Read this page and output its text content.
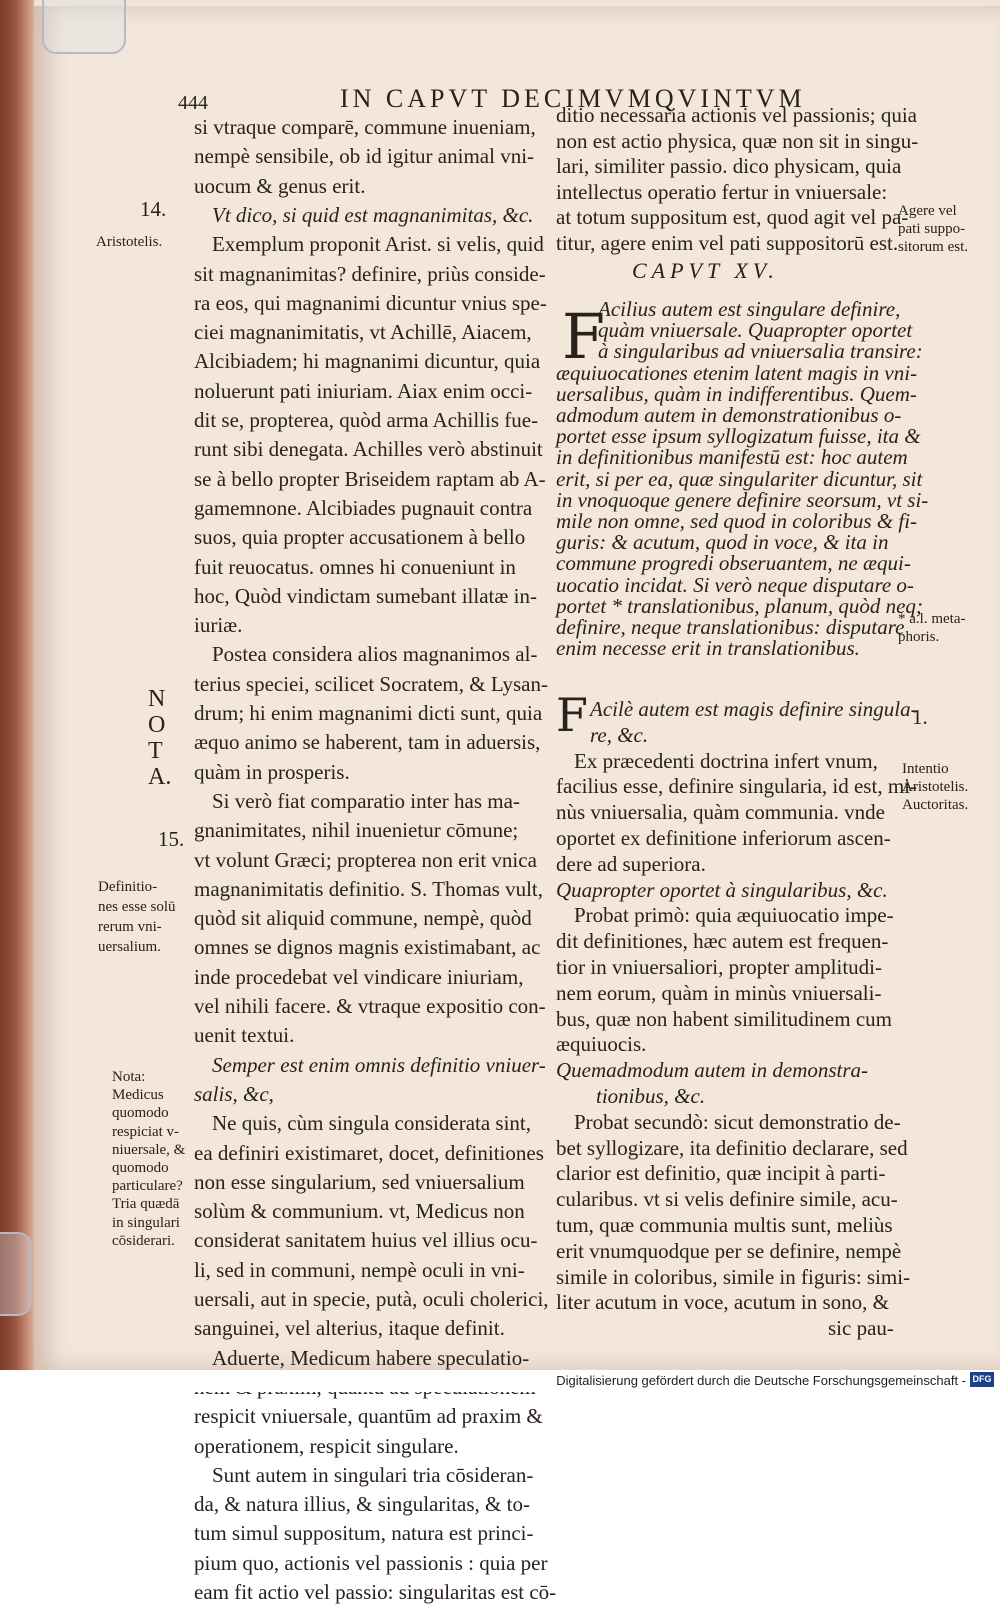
444	IN CAPVT DECIMVMQVINTVM
si vtraque comparē, commune inueniam,
nempè sensibile, ob id igitur animal vni-
uocum & genus erit.
Vt dico, si quid est magnanimitas, &c.
Exemplum proponit Arist. si velis, quid
sit magnanimitas? definire, priùs conside-
ra eos, qui magnanimi dicuntur vnius spe-
ciei magnanimitatis, vt Achillē, Aiacem,
Alcibiadem; hi magnanimi dicuntur, quia
noluerunt pati iniuriam. Aiax enim occi-
dit se, propterea, quòd arma Achillis fue-
runt sibi denegata. Achilles verò abstinuit
se à bello propter Briseidem raptam ab A-
gamemnone. Alcibiades pugnauit contra
suos, quia propter accusationem à bello
fuit reuocatus. omnes hi conueniunt in
hoc, Quòd vindictam sumebant illatæ in-
iuriæ.
Postea considera alios magnanimos al-
terius speciei, scilicet Socratem, & Lysan-
drum; hi enim magnanimi dicti sunt, quia
æquo animo se haberent, tam in aduersis,
quàm in prosperis.
Si verò fiat comparatio inter has ma-
gnanimitates, nihil inuenietur cōmune;
vt volunt Græci; propterea non erit vnica
magnanimitatis definitio. S. Thomas vult,
quòd sit aliquid commune, nempè, quòd
omnes se dignos magnis existimabant, ac
inde procedebat vel vindicare iniuriam,
vel nihili facere. & vtraque expositio con-
uenit textui.
Semper est enim omnis definitio vniuer-
salis, &c,
Ne quis, cùm singula considerata sint,
ea definiri existimaret, docet, definitiones
non esse singularium, sed vniuersalium
solùm & communium. vt, Medicus non
considerat sanitatem huius vel illius ocu-
li, sed in communi, nempè oculi in vni-
uersali, aut in specie, putà, oculi cholerici,
sanguinei, vel alterius, itaque definit.
Aduerte, Medicum habere speculatio-
respicit vniuersale, quantūm ad praxim &
operationem, respicit singulare.
Sunt autem in singulari tria cōsideran-
da, & natura illius, & singularitas, & to-
tum simul suppositum, natura est princi-
pium quo, actionis vel passionis : quia per
eam fit actio vel passio: singularitas est cō-
14.
Aristotelis.
N
O
T
A.
15.
Definitio-
nes esse solū
rerum vni-
uersalium.
Nota:
Medicus
quomodo
respiciat v-
niuersale, &
quomodo
particulare?
Tria quædā
in singulari
cōsiderari.
ditio necessaria actionis vel passionis; quia
non est actio physica, quæ non sit in singu-
lari, similiter passio. dico physicam, quia
intellectus operatio fertur in vniuersale:
at totum suppositum est, quod agit vel pa-
titur, agere enim vel pati suppositorū est.
CAPVT XV.
F
Acilius autem est singulare definire,
quàm vniuersale. Quapropter oportet
à singularibus ad vniuersalia transire:
æquiuocationes etenim latent magis in vni-
uersalibus, quàm in indifferentibus. Quem-
admodum autem in demonstrationibus o-
portet esse ipsum syllogizatum fuisse, ita &
in definitionibus manifestū est: hoc autem
erit, si per ea, quæ singulariter dicuntur, sit
in vnoquoque genere definire seorsum, vt si-
mile non omne, sed quod in coloribus & fi-
guris: & acutum, quod in voce, & ita in
commune progredi obseruantem, ne æqui-
uocatio incidat. Si verò neque disputare o-
portet * translationibus, planum, quòd neq;
definire, neque translationibus: disputare
enim necesse erit in translationibus.
F Acilè autem est magis definire singula-
re, &c.
Ex præcedenti doctrina infert vnum,
facilius esse, definire singularia, id est, mi-
nùs vniuersalia, quàm communia. vnde
oportet ex definitione inferiorum ascen-
dere ad superiora.
Quapropter oportet à singularibus, &c.
Probat primò: quia æquiuocatio impe-
dit definitiones, hæc autem est frequen-
tior in vniuersaliori, propter amplitudi-
nem eorum, quàm in minùs vniuersali-
bus, quæ non habent similitudinem cum
æquiuocis.
Quemadmodum autem in demonstra-
tionibus, &c.
Probat secundò: sicut demonstratio de-
bet syllogizare, ita definitio declarare, sed
clarior est definitio, quæ incipit à parti-
cularibus. vt si velis definire simile, acu-
tum, quæ communia multis sunt, meliùs
erit vnumquodque per se definire, nempè
simile in coloribus, simile in figuris: simi-
liter acutum in voce, acutum in sono, &
sic pau-
Agere vel
pati suppo-
sitorum est.
* a.l. meta-
phoris.
1.
Intentio
Aristotelis.
Auctoritas.
Digitalisierung gefördert durch die Deutsche Forschungsgemeinschaft - DFG
